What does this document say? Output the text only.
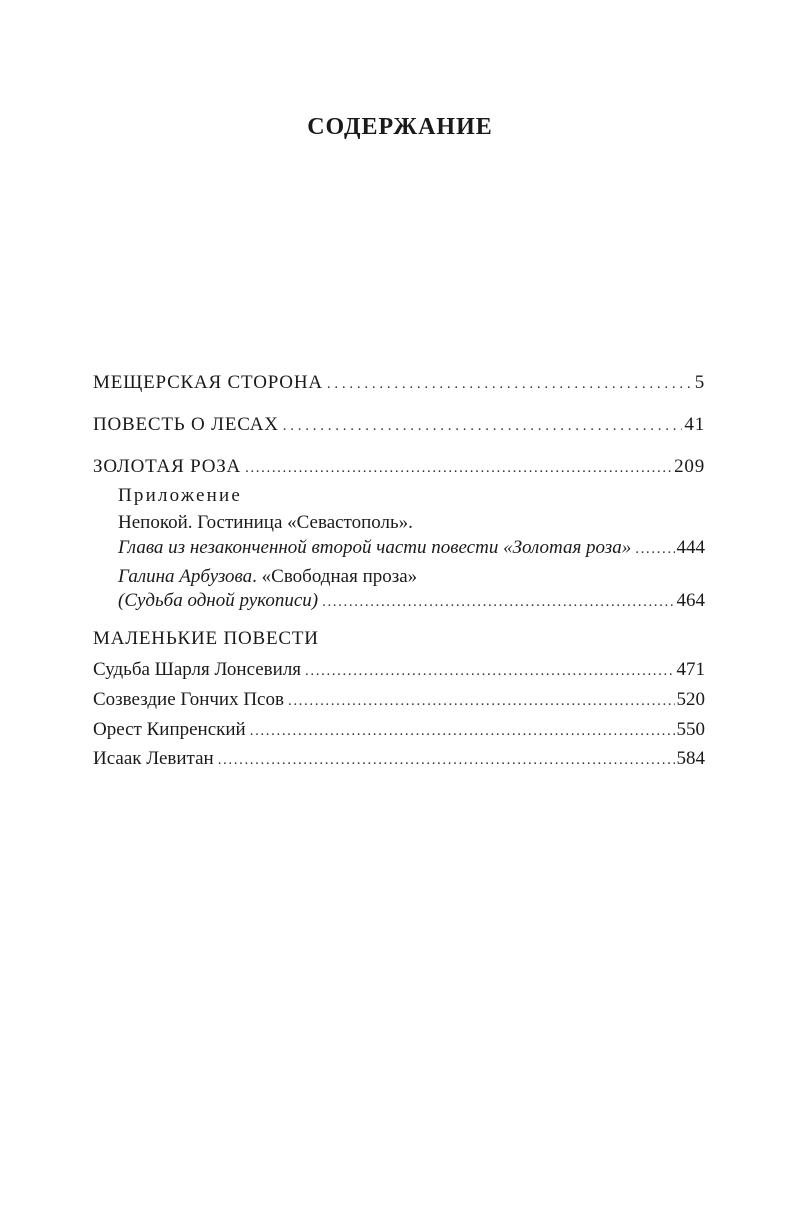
СОДЕРЖАНИЕ
МЕЩЕРСКАЯ СТОРОНА . . .	5
ПОВЕСТЬ О ЛЕСАХ . . .	41
ЗОЛОТАЯ РОЗА .....	209
Приложение
Непокой. Гостиница «Севастополь».
Глава из незаконченной второй части повести «Золотая роза» ..... 444
Галина Арбузова. «Свободная проза»
(Судьба одной рукописи) .....	464
МАЛЕНЬКИЕ ПОВЕСТИ
Судьба Шарля Лонсевиля .....	471
Созвездие Гончих Псов .....	520
Орест Кипренский .....	550
Исаак Левитан .....	584
